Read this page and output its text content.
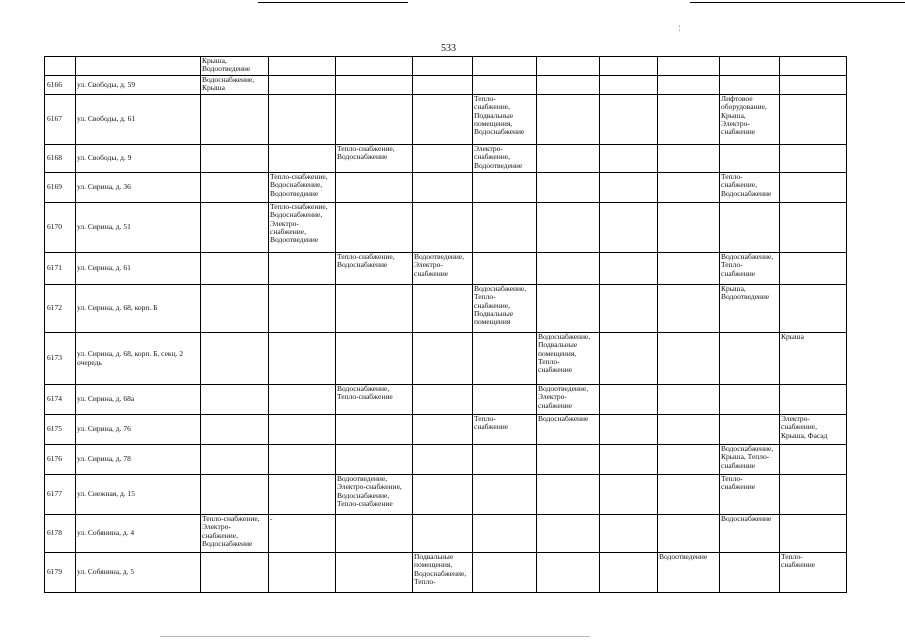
¦
533
		Крыша,
Водоотведение									
6166	ул. Свободы, д. 59	Водоснабжение,
Крыша									
6167	ул. Свободы, д. 61					Тепло-
снабжение,
Подвальные
помещения,
Водоснабжение				Лифтовое
оборудование,
Крыша,
Электро-
снабжение	
6168	ул. Свободы, д. 9			Тепло-снабжение,
Водоснабжение		Электро-
снабжение,
Водоотведение					
6169	ул. Сирина, д. 36		Тепло-снабжение,
Водоснабжение,
Водоотведение							Тепло-
снабжение,
Водоснабжение	
6170	ул. Сирина, д. 51		Тепло-снабжение,
Водоснабжение,
Электро-
снабжение,
Водоотведение								
6171	ул. Сирина, д. 61			Тепло-снабжение,
Водоснабжение	Водоотведение,
Электро-
снабжение					Водоснабжение,
Тепло-
снабжение	
6172	ул. Сирина, д. 68, корп. Б					Водоснабжение,
Тепло-
снабжение,
Подвальные
помещения				Крыша,
Водоотведение	
6173	ул. Сирина, д. 68, корп. Б, секц. 2
очередь						Водоснабжение,
Подвальные
помещения,
Тепло-
снабжение				Крыша
6174	ул. Сирина, д. 68а			Водоснабжение,
Тепло-снабжение			Водоотведение,
Электро-
снабжение				
6175	ул. Сирина, д. 76					Тепло-
снабжение	Водоснабжение				Электро-
снабжение,
Крыша, Фасад
6176	ул. Сирина, д. 78									Водоснабжение,
Крыша, Тепло-
снабжение	
6177	ул. Снежная, д. 15			Водоотведение,
Электро-снабжение,
Водоснабжение,
Тепло-снабжение						Тепло-
снабжение	
6178	ул. Собянина, д. 4	Тепло-снабжение,
Электро-
снабжение,
Водоснабжение	-							Водоснабжение	
6179	ул. Собянина, д. 5				Подвальные
помещения,
Водоснабжение,
Тепло-				Водоотведение		Тепло-
снабжение
